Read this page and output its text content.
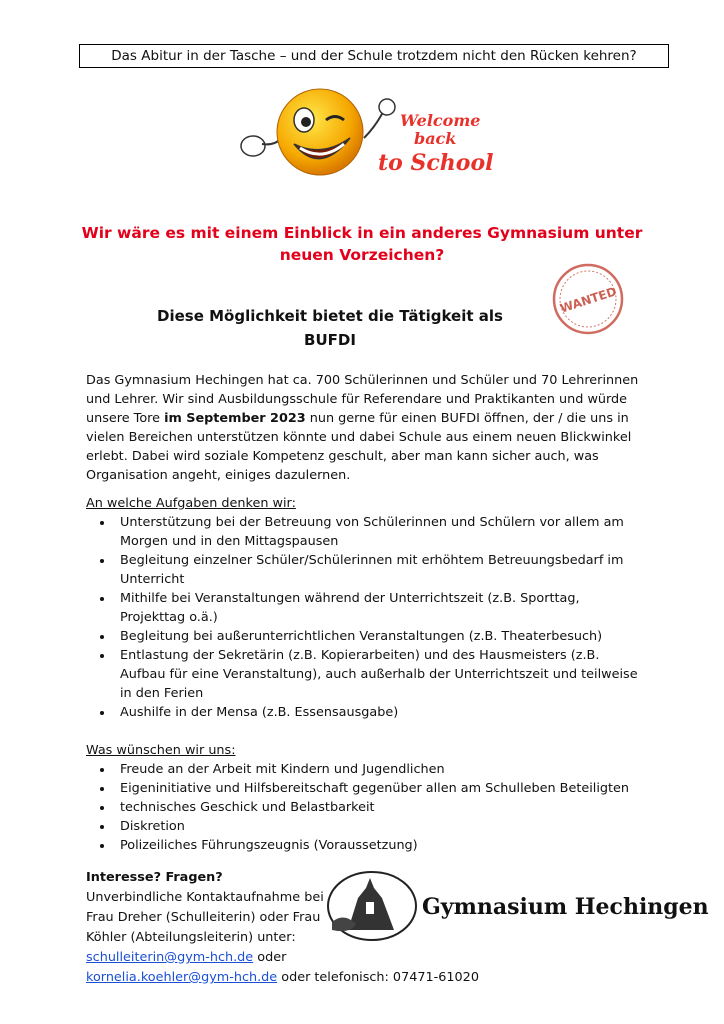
Das Abitur in der Tasche – und der Schule trotzdem nicht den Rücken kehren?
Welcome
back
to School
Wir wäre es mit einem Einblick in ein anderes Gymnasium unter neuen Vorzeichen?
Diese Möglichkeit bietet die Tätigkeit als
BUFDI
WANTED
Das Gymnasium Hechingen hat ca. 700 Schülerinnen und Schüler und 70 Lehrerinnen und Lehrer. Wir sind Ausbildungsschule für Referendare und Praktikanten und würde unsere Tore im September 2023 nun gerne für einen BUFDI öffnen, der / die uns in vielen Bereichen unterstützen könnte und dabei Schule aus einem neuen Blickwinkel erlebt. Dabei wird soziale Kompetenz geschult, aber man kann sicher auch, was Organisation angeht, einiges dazulernen.
An welche Aufgaben denken wir:
• Unterstützung bei der Betreuung von Schülerinnen und Schülern vor allem am Morgen und in den Mittagspausen
• Begleitung einzelner Schüler/Schülerinnen mit erhöhtem Betreuungsbedarf im Unterricht
• Mithilfe bei Veranstaltungen während der Unterrichtszeit (z.B. Sporttag, Projekttag o.ä.)
• Begleitung bei außerunterrichtlichen Veranstaltungen (z.B. Theaterbesuch)
• Entlastung der Sekretärin (z.B. Kopierarbeiten) und des Hausmeisters (z.B. Aufbau für eine Veranstaltung), auch außerhalb der Unterrichtszeit und teilweise in den Ferien
• Aushilfe in der Mensa (z.B. Essensausgabe)
Was wünschen wir uns:
• Freude an der Arbeit mit Kindern und Jugendlichen
• Eigeninitiative und Hilfsbereitschaft gegenüber allen am Schulleben Beteiligten
• technisches Geschick und Belastbarkeit
• Diskretion
• Polizeiliches Führungszeugnis (Voraussetzung)
Interesse? Fragen?
Unverbindliche Kontaktaufnahme bei Frau Dreher (Schulleiterin) oder Frau Köhler (Abteilungsleiterin) unter:
schulleiterin@gym-hch.de oder
kornelia.koehler@gym-hch.de oder telefonisch: 07471-61020
Gymnasium Hechingen
